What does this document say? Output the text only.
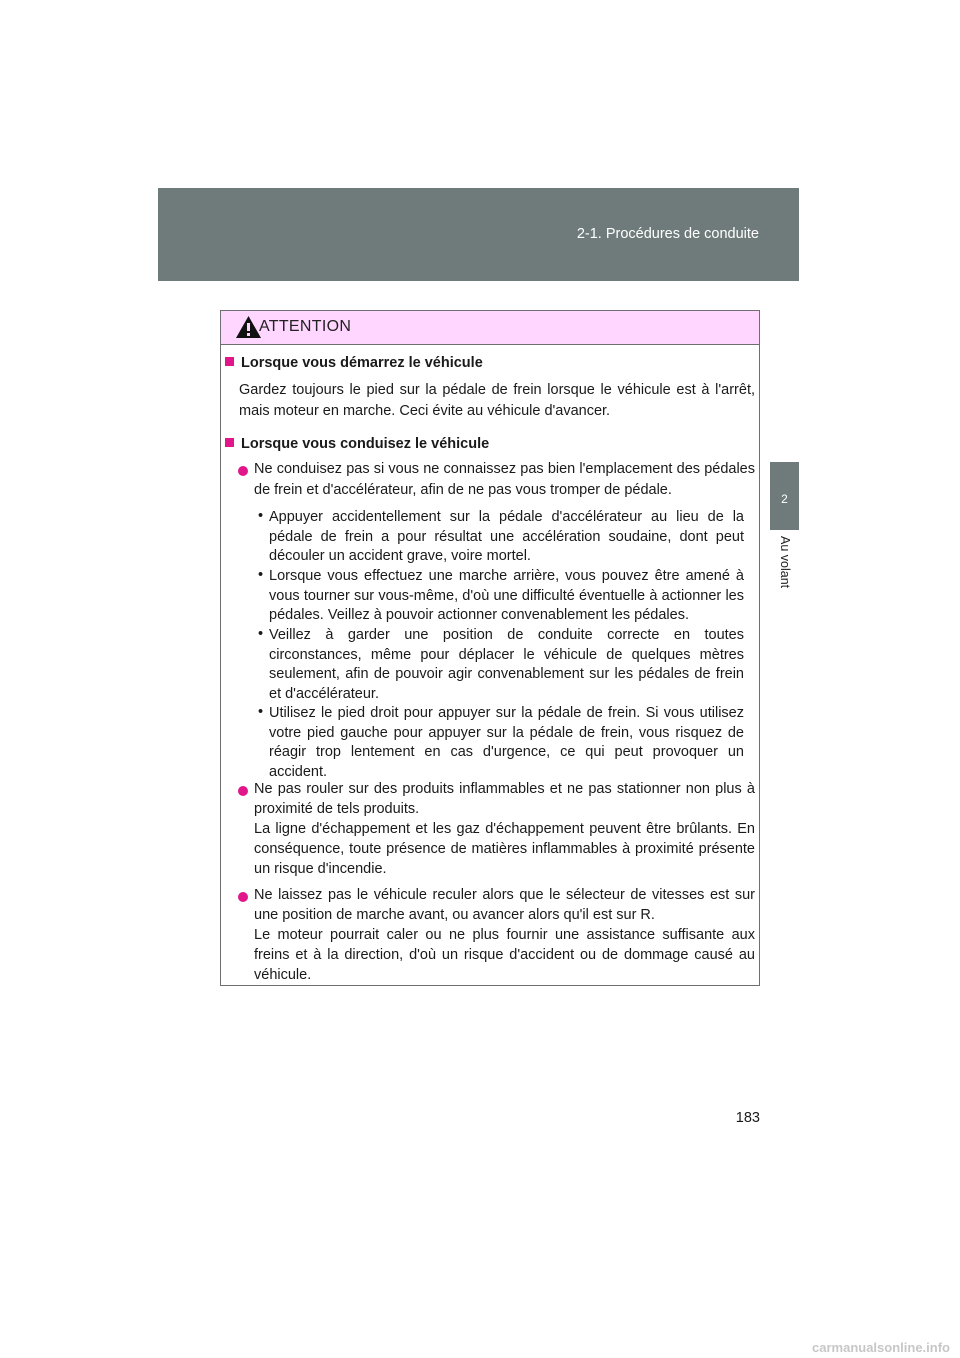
2-1. Procédures de conduite
2
Au volant
ATTENTION
Lorsque vous démarrez le véhicule
Gardez toujours le pied sur la pédale de frein lorsque le véhicule est à l'arrêt, mais moteur en marche. Ceci évite au véhicule d'avancer.
Lorsque vous conduisez le véhicule
Ne conduisez pas si vous ne connaissez pas bien l'emplacement des pédales de frein et d'accélérateur, afin de ne pas vous tromper de pédale.
• Appuyer accidentellement sur la pédale d'accélérateur au lieu de la pédale de frein a pour résultat une accélération soudaine, dont peut découler un accident grave, voire mortel.
• Lorsque vous effectuez une marche arrière, vous pouvez être amené à vous tourner sur vous-même, d'où une difficulté éventuelle à actionner les pédales. Veillez à pouvoir actionner convenablement les pédales.
• Veillez à garder une position de conduite correcte en toutes circonstances, même pour déplacer le véhicule de quelques mètres seulement, afin de pouvoir agir convenablement sur les pédales de frein et d'accélérateur.
• Utilisez le pied droit pour appuyer sur la pédale de frein. Si vous utilisez votre pied gauche pour appuyer sur la pédale de frein, vous risquez de réagir trop lentement en cas d'urgence, ce qui peut provoquer un accident.
Ne pas rouler sur des produits inflammables et ne pas stationner non plus à proximité de tels produits.
La ligne d'échappement et les gaz d'échappement peuvent être brûlants. En conséquence, toute présence de matières inflammables à proximité présente un risque d'incendie.
Ne laissez pas le véhicule reculer alors que le sélecteur de vitesses est sur une position de marche avant, ou avancer alors qu'il est sur R.
Le moteur pourrait caler ou ne plus fournir une assistance suffisante aux freins et à la direction, d'où un risque d'accident ou de dommage causé au véhicule.
183
carmanualsonline.info
